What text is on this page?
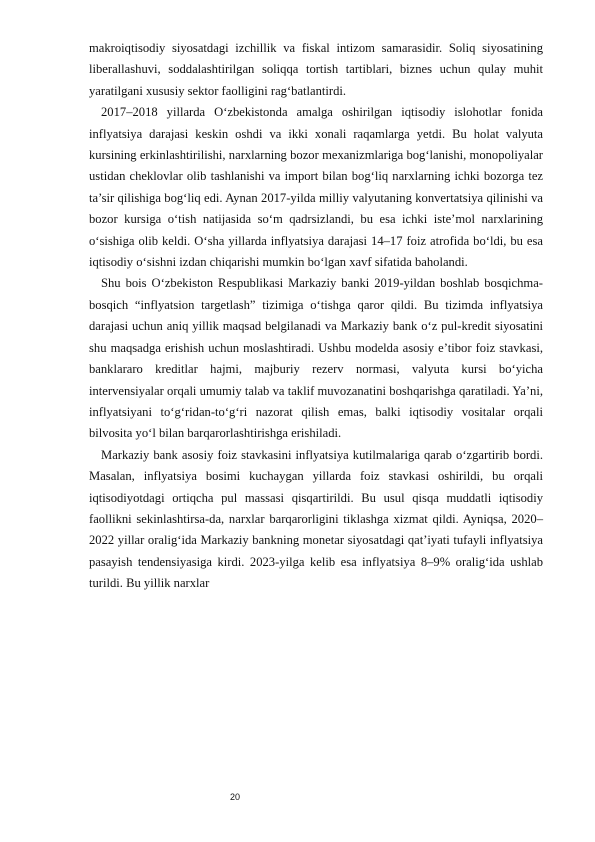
makroiqtisodiy siyosatdagi izchillik va fiskal intizom samarasidir. Soliq siyosatining liberallashuvi, soddalashtirilgan soliqqa tortish tartiblari, biznes uchun qulay muhit yaratilgani xususiy sektor faolligini rag‘batlantirdi.

2017–2018 yillarda O‘zbekistonda amalga oshirilgan iqtisodiy islohotlar fonida inflyatsiya darajasi keskin oshdi va ikki xonali raqamlarga yetdi. Bu holat valyuta kursining erkinlashtirilishi, narxlarning bozor mexanizmlariga bog‘lanishi, monopoliyalar ustidan cheklovlar olib tashlanishi va import bilan bog‘liq narxlarning ichki bozorga tez ta’sir qilishiga bog‘liq edi. Aynan 2017-yilda milliy valyutaning konvertatsiya qilinishi va bozor kursiga o‘tish natijasida so‘m qadrsizlandi, bu esa ichki iste’mol narxlarining o‘sishiga olib keldi. O‘sha yillarda inflyatsiya darajasi 14–17 foiz atrofida bo‘ldi, bu esa iqtisodiy o‘sishni izdan chiqarishi mumkin bo‘lgan xavf sifatida baholandi.

Shu bois O‘zbekiston Respublikasi Markaziy banki 2019-yildan boshlab bosqichma-bosqich “inflyatsion targetlash” tizimiga o‘tishga qaror qildi. Bu tizimda inflyatsiya darajasi uchun aniq yillik maqsad belgilanadi va Markaziy bank o‘z pul-kredit siyosatini shu maqsadga erishish uchun moslashtiradi. Ushbu modelda asosiy e’tibor foiz stavkasi, banklararo kreditlar hajmi, majburiy rezerv normasi, valyuta kursi bo‘yicha intervensiyalar orqali umumiy talab va taklif muvozanatini boshqarishga qaratiladi. Ya’ni, inflyatsiyani to‘g‘ridan-to‘g‘ri nazorat qilish emas, balki iqtisodiy vositalar orqali bilvosita yo‘l bilan barqarorlashtirishga erishiladi.

Markaziy bank asosiy foiz stavkasini inflyatsiya kutilmalariga qarab o‘zgartirib bordi. Masalan, inflyatsiya bosimi kuchaygan yillarda foiz stavkasi oshirildi, bu orqali iqtisodiyotdagi ortiqcha pul massasi qisqartirildi. Bu usul qisqa muddatli iqtisodiy faollikni sekinlashtirsa-da, narxlar barqarorligini tiklashga xizmat qildi. Ayniqsa, 2020–2022 yillar oralig‘ida Markaziy bankning monetar siyosatdagi qat’iyati tufayli inflyatsiya pasayish tendensiyasiga kirdi. 2023-yilga kelib esa inflyatsiya 8–9% oralig‘ida ushlab turildi. Bu yillik narxlar

20
